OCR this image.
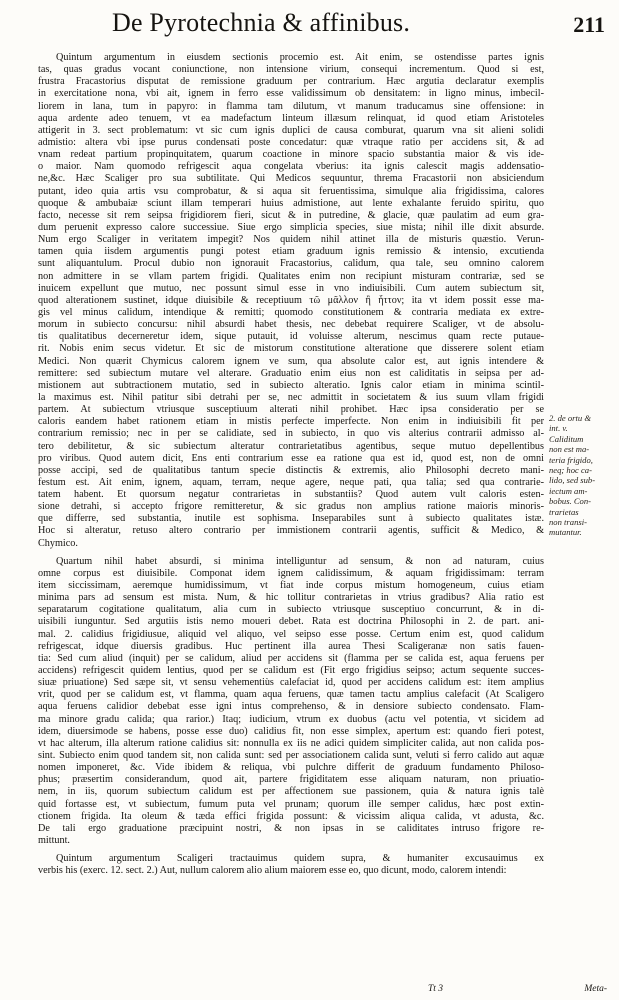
De Pyrotechnia & affinibus.	211
Quintum argumentum in eiusdem sectionis procemio est. Ait enim, se ostendisse partes ignis
tas, quas gradus vocant coniunctione, non intensione virium, consequi incrementum. Quod si est,
frustra Fracastorius disputat de remissione graduum per contrarium. Hæc argutia declaratur exemplis
in exercitatione nona, vbi ait, ignem in ferro esse validissimum ob densitatem: in ligno minus, imbecil-
liorem in lana, tum in papyro: in flamma tam dilutum, vt manum traducamus sine offensione: in
aqua ardente adeo tenuem, vt ea madefactum linteum illæsum relinquat, id quod etiam Aristoteles
attigerit in 3. sect problematum: vt sic cum ignis duplici de causa comburat, quarum vna sit alieni solidi
admistio: altera vbi ipse purus condensati poste concedatur: quæ vtraque ratio per accidens sit, & ad
vnam redeat partium propinquitatem, quarum coactione in minore spacio substantia maior & vis ide-
o maior. Nam quomodo refrigescit aqua congelata vberius: ita ignis calescit magis addensatio-
ne,&c. Hæc Scaliger pro sua subtilitate. Qui Medicos sequuntur, threma Fracastorii non absiciendum
putant, ideo quia artis vsu comprobatur, & si aqua sit feruentissima, simulque alia frigidissima, calores
quoque & ambubaiæ sciunt illam temperari huius admistione, aut lente exhalante feruido spiritu, quo
facto, necesse sit rem seipsa frigidiorem fieri, sicut & in putredine, & glacie, quæ paulatim ad eum gra-
dum peruenit expresso calore successiue. Siue ergo simplicia species, siue mista; nihil ille dixit absurde.
Num ergo Scaliger in veritatem impegit? Nos quidem nihil attinet illa de misturis quæstio. Verun-
tamen quia iisdem argumentis pungi potest etiam graduum ignis remissio & intensio, excutienda
sunt aliquantulum. Procul dubio non ignorauit Fracastorius, calidum, qua tale, seu omnino calorem
non admittere in se vllam partem frigidi. Qualitates enim non recipiunt misturam contrariæ, sed se
inuicem expellunt que mutuo, nec possunt simul esse in vno indiuisibili. Cum autem subiectum sit,
quod alterationem sustinet, idque diuisibile & receptiuum τῶ μᾶλλον ἢ ἧττον; ita vt idem possit esse ma-
gis vel minus calidum, intendique & remitti; quomodo constitutionem & contraria mediata ex extre-
morum in subiecto concursu: nihil absurdi habet thesis, nec debebat requirere Scaliger, vt de absolu-
tis qualitatibus decerneretur idem, sique putauit, id voluisse alterum, nescimus quam recte putaue-
rit. Nobis enim secus videtur. Et sic de mistorum constitutione alteratione que disserere solent etiam
Medici. Non quærit Chymicus calorem ignem ve sum, qua absolute calor est, aut ignis intendere &
remittere: sed subiectum mutare vel alterare. Graduatio enim eius non est caliditatis in seipsa per ad-
mistionem aut subtractionem mutatio, sed in subiecto alteratio. Ignis calor etiam in minima scintil-
la maximus est. Nihil patitur sibi detrahi per se, nec admittit in societatem & ius suum vllam frigidi
partem. At subiectum vtriusque susceptiuum alterati nihil prohibet. Hæc ipsa consideratio per se
caloris eandem habet rationem etiam in mistis perfecte imperfecte. Non enim in indiuisibili fit per
contrarium remissio; nec in per se calidiate, sed in subiecto, in quo vis alterius contrarii admisso al-
tero debilitetur, & sic subiectum alteratur contrarietatibus agentibus, seque mutuo depellentibus
pro viribus. Quod autem dicit, Ens enti contrarium esse ea ratione qua est id, quod est, non de omni
posse accipi, sed de qualitatibus tantum specie distinctis & extremis, alio Philosophi decreto mani-
festum est. Ait enim, ignem, aquam, terram, neque agere, neque pati, qua talia; sed qua contrarie-
tatem habent. Et quorsum negatur contrarietas in substantiis? Quod autem vult caloris esten-
sione detrahi, si accepto frigore remitteretur, & sic gradus non amplius ratione maioris minoris-
que differre, sed substantia, inutile est sophisma. Inseparabiles sunt à subiecto qualitates istæ.
Hoc si alteratur, retuso altero contrario per immistionem contrarii agentis, sufficit & Medico, &
Chymico.
Quartum nihil habet absurdi, si minima intelliguntur ad sensum, & non ad naturam, cuius
omne corpus est diuisibile. Componat idem ignem calidissimum, & aquam frigidissimam: terram
item siccissimam, aeremque humidissimum, vt fiat inde corpus mistum homogeneum, cuius etiam
minima pars ad sensum est mista. Num, & hic tollitur contrarietas in vtrius gradibus? Alia ratio est
separatarum cogitatione qualitatum, alia cum in subiecto vtriusque susceptiuo concurrunt, & in di-
uisibili iunguntur. Sed argutiis istis nemo moueri debet. Rata est doctrina Philosophi in 2. de part. ani-
mal. 2. calidius frigidiusue, aliquid vel aliquo, vel seipso esse posse. Certum enim est, quod calidum
refrigescat, idque diuersis gradibus. Huc pertinent illa aurea Thesi Scaligeranæ non satis fauen-
tia: Sed cum aliud (inquit) per se calidum, aliud per accidens sit (flamma per se calida est, aqua feruens per
accidens) refrigescit quidem lentius, quod per se calidum est (Fit ergo frigidius seipso; actum sequente succes-
siuæ priuatione) Sed sæpe sit, vt sensu vehementiùs calefaciat id, quod per accidens calidum est: item amplius
vrit, quod per se calidum est, vt flamma, quam aqua feruens, quæ tamen tactu amplius calefacit (At Scaligero
aqua feruens calidior debebat esse igni intus comprehenso, & in densiore subiecto condensato. Flam-
ma minore gradu calida; qua rarior.) Itaq; iudicium, vtrum ex duobus (actu vel potentia, vt sicidem ad
idem, diuersimode se habens, posse esse duo) calidius fit, non esse simplex, apertum est: quando fieri potest,
vt hac alterum, illa alterum ratione calidius sit: nonnulla ex iis ne adici quidem simpliciter calida, aut non calida pos-
sint. Subiecto enim quod tandem sit, non calida sunt: sed per associationem calida sunt, veluti si ferro calido aut aquæ
nomen imponeret, &c. Vide ibidem & reliqua, vbi pulchre differit de graduum fundamento Philoso-
phus; præsertim considerandum, quod ait, partere frigiditatem esse aliquam naturam, non priuatio-
nem, in iis, quorum subiectum calidum est per affectionem sue passionem, quia & natura ignis talè
quid fortasse est, vt subiectum, fumum puta vel prunam; quorum ille semper calidus, hæc post extin-
ctionem frigida. Ita oleum & tæda effici frigida possunt: & vicissim aliqua calida, vt adusta, &c.
De tali ergo graduatione præcipuint nostri, & non ipsas in se caliditates intruso frigore re-
mittunt.
Quintum argumentum Scaligeri tractauimus quidem supra, & humaniter excusauimus ex
verbis his (exerc. 12. sect. 2.) Aut, nullum calorem alio alium maiorem esse eo, quo dicunt, modo, calorem intendi:
2. de ortu &
int. v.
Caliditum
non est ma-
teria frigido,
neq; hoc ca-
lido, sed sub-
iectum am-
bobus. Con-
trarietas
non transi-
mutantur.
Tt 3	Meta-
